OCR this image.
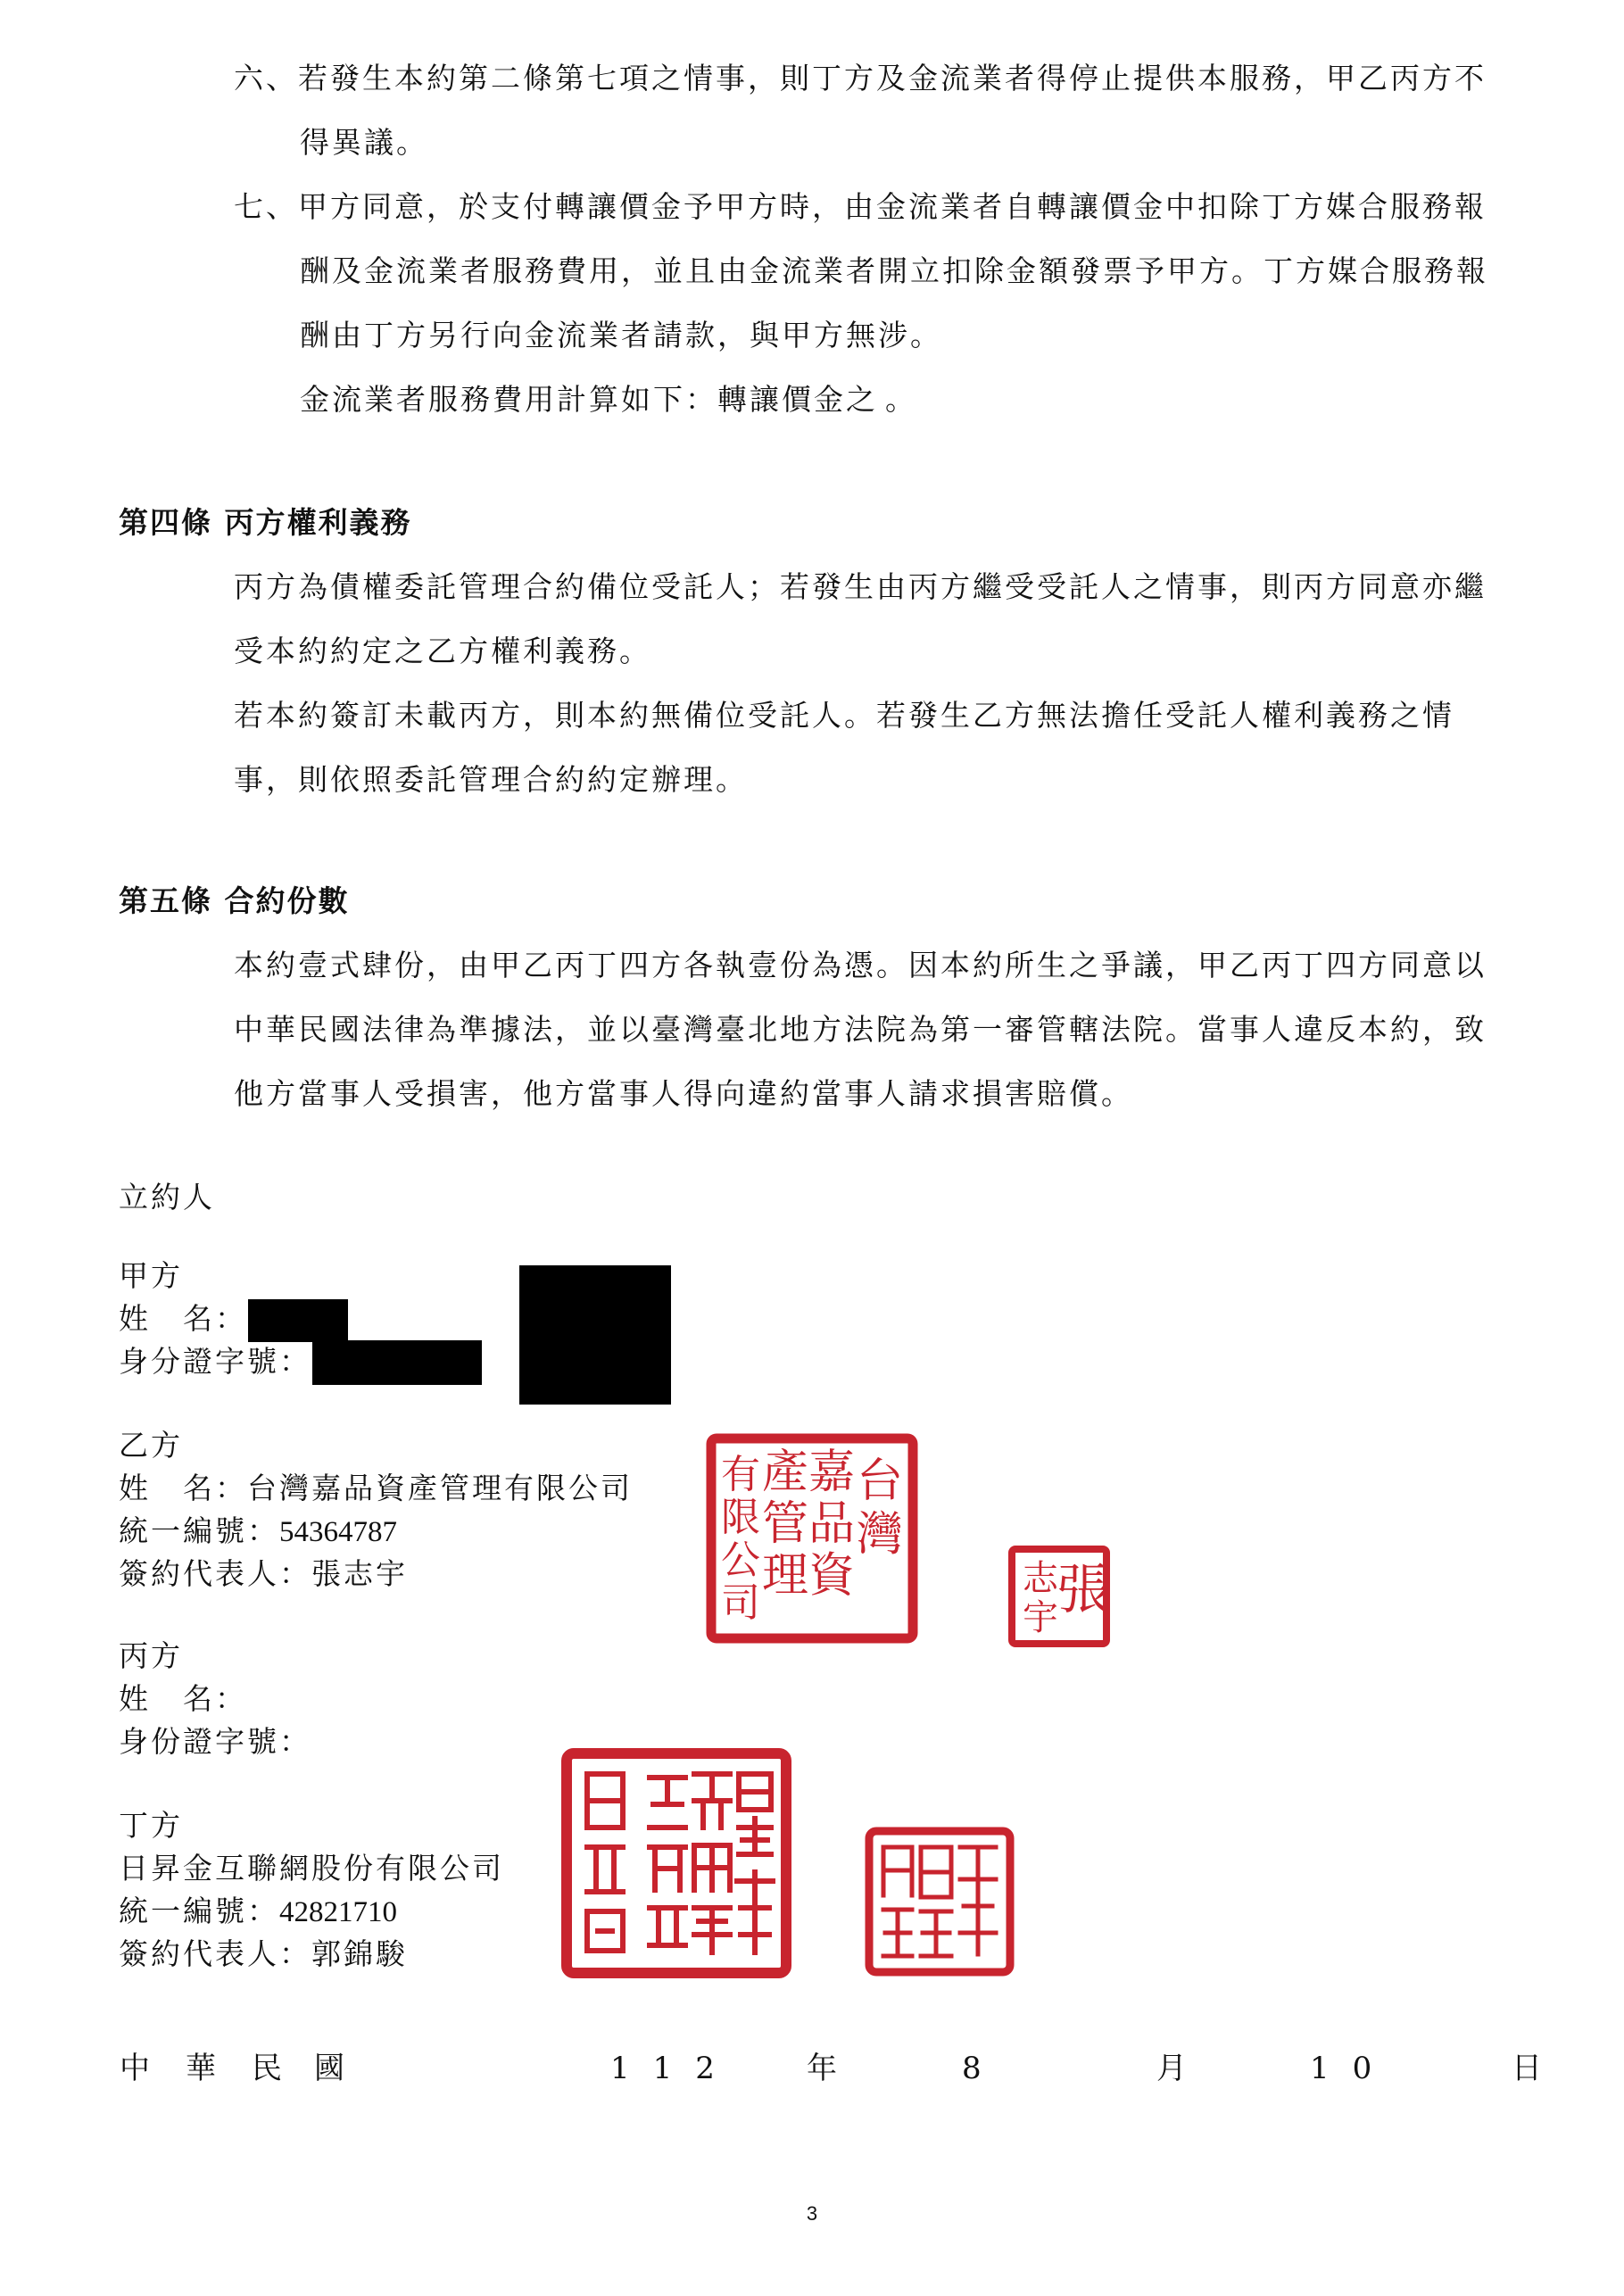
六、若發生本約第二條第七項之情事，則丁方及金流業者得停止提供本服務，甲乙丙方不
得異議。
七、甲方同意，於支付轉讓價金予甲方時，由金流業者自轉讓價金中扣除丁方媒合服務報
酬及金流業者服務費用，並且由金流業者開立扣除金額發票予甲方。丁方媒合服務報
酬由丁方另行向金流業者請款，與甲方無涉。
金流業者服務費用計算如下：轉讓價金之 。
第四條 丙方權利義務
丙方為債權委託管理合約備位受託人；若發生由丙方繼受受託人之情事，則丙方同意亦繼
受本約約定之乙方權利義務。
若本約簽訂未載丙方，則本約無備位受託人。若發生乙方無法擔任受託人權利義務之情
事，則依照委託管理合約約定辦理。
第五條 合約份數
本約壹式肆份，由甲乙丙丁四方各執壹份為憑。因本約所生之爭議，甲乙丙丁四方同意以
中華民國法律為準據法，並以臺灣臺北地方法院為第一審管轄法院。當事人違反本約，致
他方當事人受損害，他方當事人得向違約當事人請求損害賠償。
立約人
甲方
姓　名：
身分證字號：
乙方
姓　名：台灣嘉品資產管理有限公司
統一編號：54364787
簽約代表人：張志宇
台
灣
嘉
品
資
產
管
理
有
限
公
司	張
志
宇
丙方
姓　名：
身份證字號：
丁方
日昇金互聯網股份有限公司
統一編號：42821710
簽約代表人：郭錦駿
中 華 民 國	112 年	8	月	10	日
3
